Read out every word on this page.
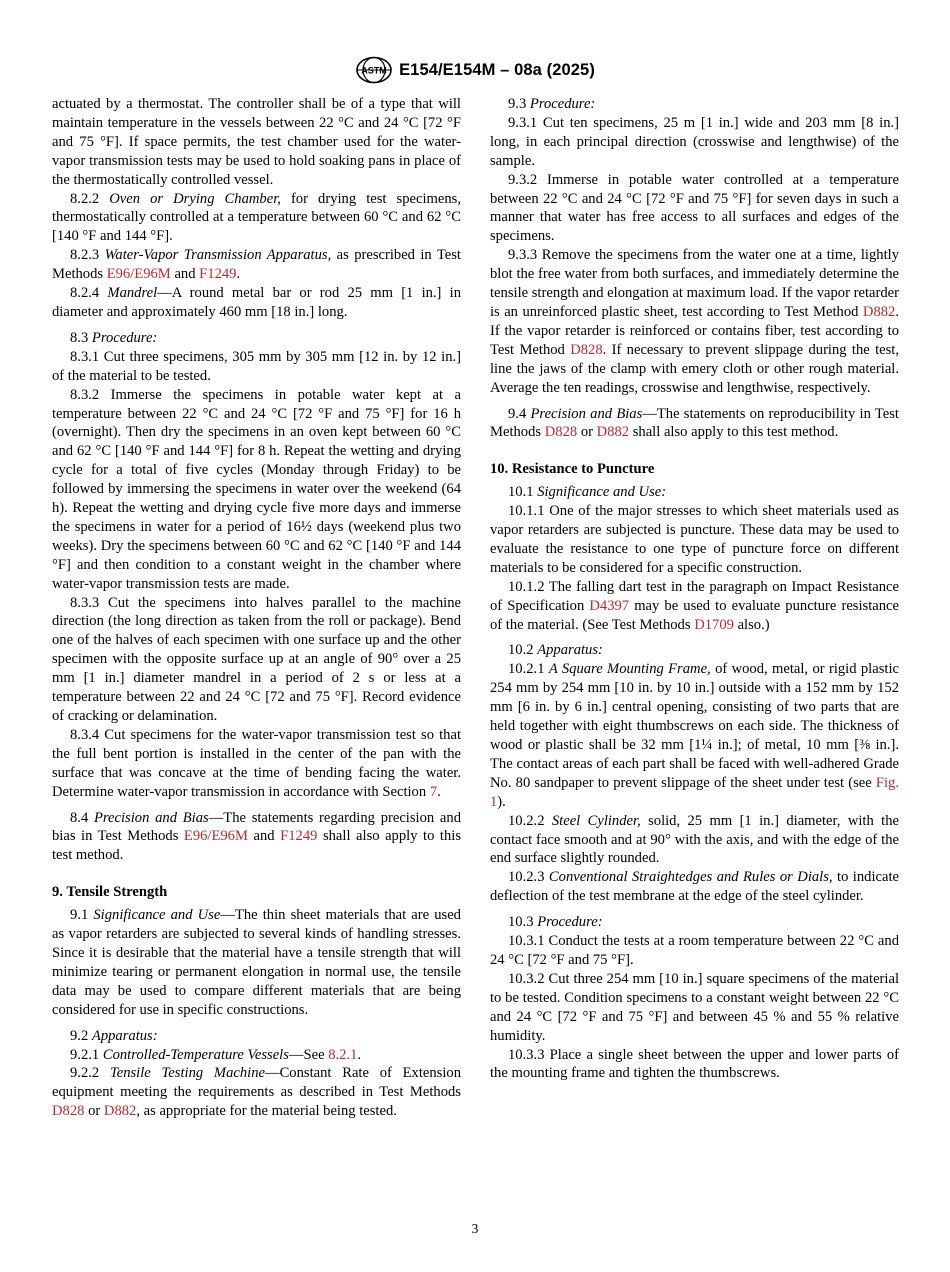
ASTM E154/E154M – 08a (2025)

actuated by a thermostat. The controller shall be of a type that will maintain temperature in the vessels between 22 °C and 24 °C [72 °F and 75 °F]. If space permits, the test chamber used for the water-vapor transmission tests may be used to hold soaking pans in place of the thermostatically controlled vessel.

8.2.2 Oven or Drying Chamber, for drying test specimens, thermostatically controlled at a temperature between 60 °C and 62 °C [140 °F and 144 °F].

8.2.3 Water-Vapor Transmission Apparatus, as prescribed in Test Methods E96/E96M and F1249.

8.2.4 Mandrel—A round metal bar or rod 25 mm [1 in.] in diameter and approximately 460 mm [18 in.] long.

8.3 Procedure:

8.3.1 Cut three specimens, 305 mm by 305 mm [12 in. by 12 in.] of the material to be tested.

8.3.2 Immerse the specimens in potable water kept at a temperature between 22 °C and 24 °C [72 °F and 75 °F] for 16 h (overnight). Then dry the specimens in an oven kept between 60 °C and 62 °C [140 °F and 144 °F] for 8 h. Repeat the wetting and drying cycle for a total of five cycles (Monday through Friday) to be followed by immersing the specimens in water over the weekend (64 h). Repeat the wetting and drying cycle five more days and immerse the specimens in water for a period of 16½ days (weekend plus two weeks). Dry the specimens between 60 °C and 62 °C [140 °F and 144 °F] and then condition to a constant weight in the chamber where water-vapor transmission tests are made.

8.3.3 Cut the specimens into halves parallel to the machine direction (the long direction as taken from the roll or package). Bend one of the halves of each specimen with one surface up and the other specimen with the opposite surface up at an angle of 90° over a 25 mm [1 in.] diameter mandrel in a period of 2 s or less at a temperature between 22 and 24 °C [72 and 75 °F]. Record evidence of cracking or delamination.

8.3.4 Cut specimens for the water-vapor transmission test so that the full bent portion is installed in the center of the pan with the surface that was concave at the time of bending facing the water. Determine water-vapor transmission in accordance with Section 7.

8.4 Precision and Bias—The statements regarding precision and bias in Test Methods E96/E96M and F1249 shall also apply to this test method.

9. Tensile Strength

9.1 Significance and Use—The thin sheet materials that are used as vapor retarders are subjected to several kinds of handling stresses. Since it is desirable that the material have a tensile strength that will minimize tearing or permanent elongation in normal use, the tensile data may be used to compare different materials that are being considered for use in specific constructions.

9.2 Apparatus:

9.2.1 Controlled-Temperature Vessels—See 8.2.1.

9.2.2 Tensile Testing Machine—Constant Rate of Extension equipment meeting the requirements as described in Test Methods D828 or D882, as appropriate for the material being tested.

9.3 Procedure:

9.3.1 Cut ten specimens, 25 m [1 in.] wide and 203 mm [8 in.] long, in each principal direction (crosswise and lengthwise) of the sample.

9.3.2 Immerse in potable water controlled at a temperature between 22 °C and 24 °C [72 °F and 75 °F] for seven days in such a manner that water has free access to all surfaces and edges of the specimens.

9.3.3 Remove the specimens from the water one at a time, lightly blot the free water from both surfaces, and immediately determine the tensile strength and elongation at maximum load. If the vapor retarder is an unreinforced plastic sheet, test according to Test Method D882. If the vapor retarder is reinforced or contains fiber, test according to Test Method D828. If necessary to prevent slippage during the test, line the jaws of the clamp with emery cloth or other rough material. Average the ten readings, crosswise and lengthwise, respectively.

9.4 Precision and Bias—The statements on reproducibility in Test Methods D828 or D882 shall also apply to this test method.

10. Resistance to Puncture

10.1 Significance and Use:

10.1.1 One of the major stresses to which sheet materials used as vapor retarders are subjected is puncture. These data may be used to evaluate the resistance to one type of puncture force on different materials to be considered for a specific construction.

10.1.2 The falling dart test in the paragraph on Impact Resistance of Specification D4397 may be used to evaluate puncture resistance of the material. (See Test Methods D1709 also.)

10.2 Apparatus:

10.2.1 A Square Mounting Frame, of wood, metal, or rigid plastic 254 mm by 254 mm [10 in. by 10 in.] outside with a 152 mm by 152 mm [6 in. by 6 in.] central opening, consisting of two parts that are held together with eight thumbscrews on each side. The thickness of wood or plastic shall be 32 mm [1¼ in.]; of metal, 10 mm [⅜ in.]. The contact areas of each part shall be faced with well-adhered Grade No. 80 sandpaper to prevent slippage of the sheet under test (see Fig. 1).

10.2.2 Steel Cylinder, solid, 25 mm [1 in.] diameter, with the contact face smooth and at 90° with the axis, and with the edge of the end surface slightly rounded.

10.2.3 Conventional Straightedges and Rules or Dials, to indicate deflection of the test membrane at the edge of the steel cylinder.

10.3 Procedure:

10.3.1 Conduct the tests at a room temperature between 22 °C and 24 °C [72 °F and 75 °F].

10.3.2 Cut three 254 mm [10 in.] square specimens of the material to be tested. Condition specimens to a constant weight between 22 °C and 24 °C [72 °F and 75 °F] and between 45 % and 55 % relative humidity.

10.3.3 Place a single sheet between the upper and lower parts of the mounting frame and tighten the thumbscrews.

3
